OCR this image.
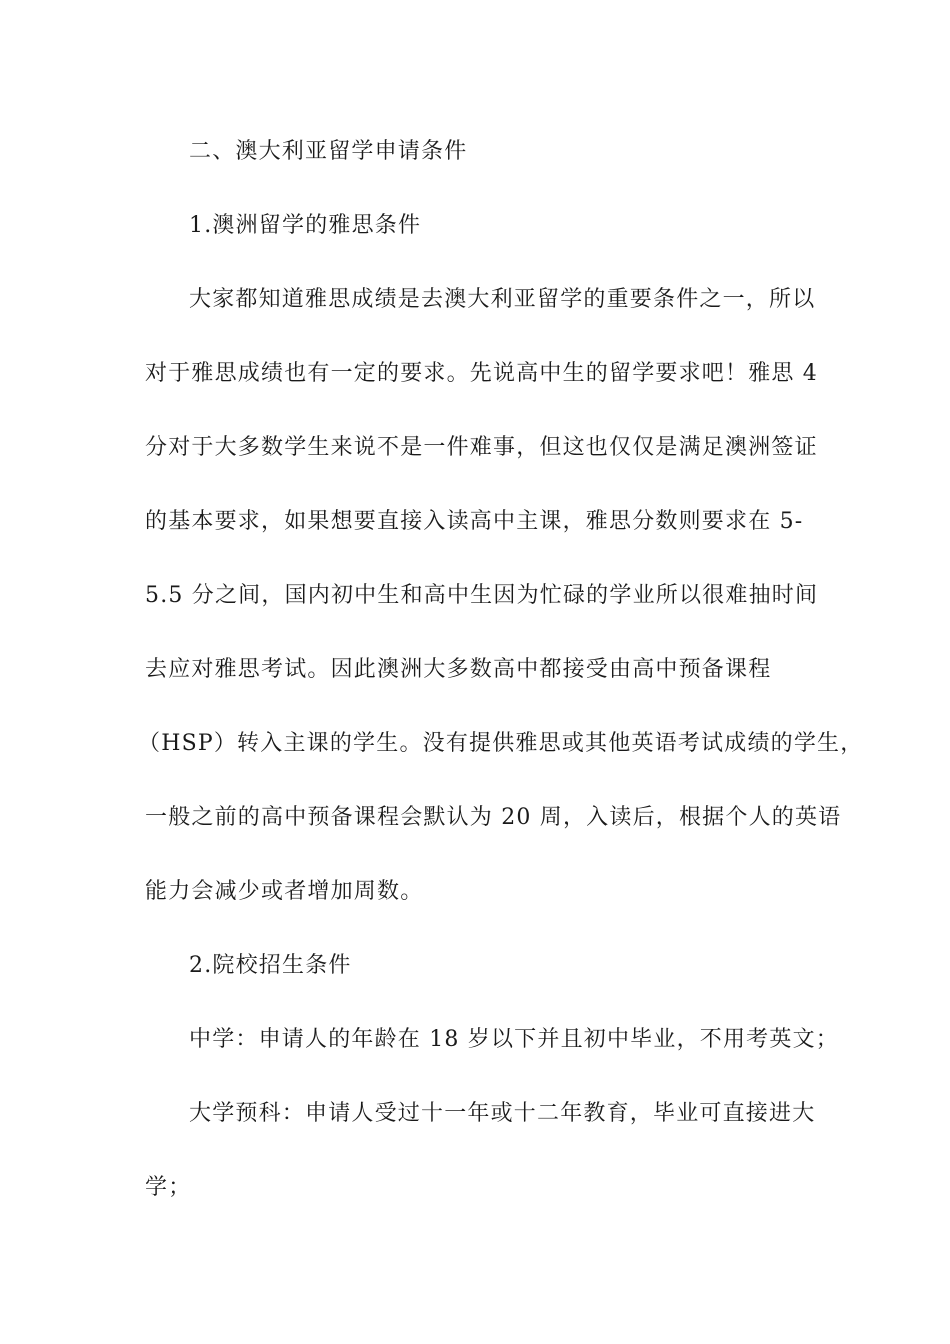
二、澳大利亚留学申请条件
1.澳洲留学的雅思条件
大家都知道雅思成绩是去澳大利亚留学的重要条件之一，所以
对于雅思成绩也有一定的要求。先说高中生的留学要求吧！雅思 4
分对于大多数学生来说不是一件难事，但这也仅仅是满足澳洲签证
的基本要求，如果想要直接入读高中主课，雅思分数则要求在 5-
5.5 分之间，国内初中生和高中生因为忙碌的学业所以很难抽时间
去应对雅思考试。因此澳洲大多数高中都接受由高中预备课程
（HSP）转入主课的学生。没有提供雅思或其他英语考试成绩的学生，
一般之前的高中预备课程会默认为 20 周，入读后，根据个人的英语
能力会减少或者增加周数。
2.院校招生条件
中学：申请人的年龄在 18 岁以下并且初中毕业，不用考英文；
大学预科：申请人受过十一年或十二年教育，毕业可直接进大
学；
